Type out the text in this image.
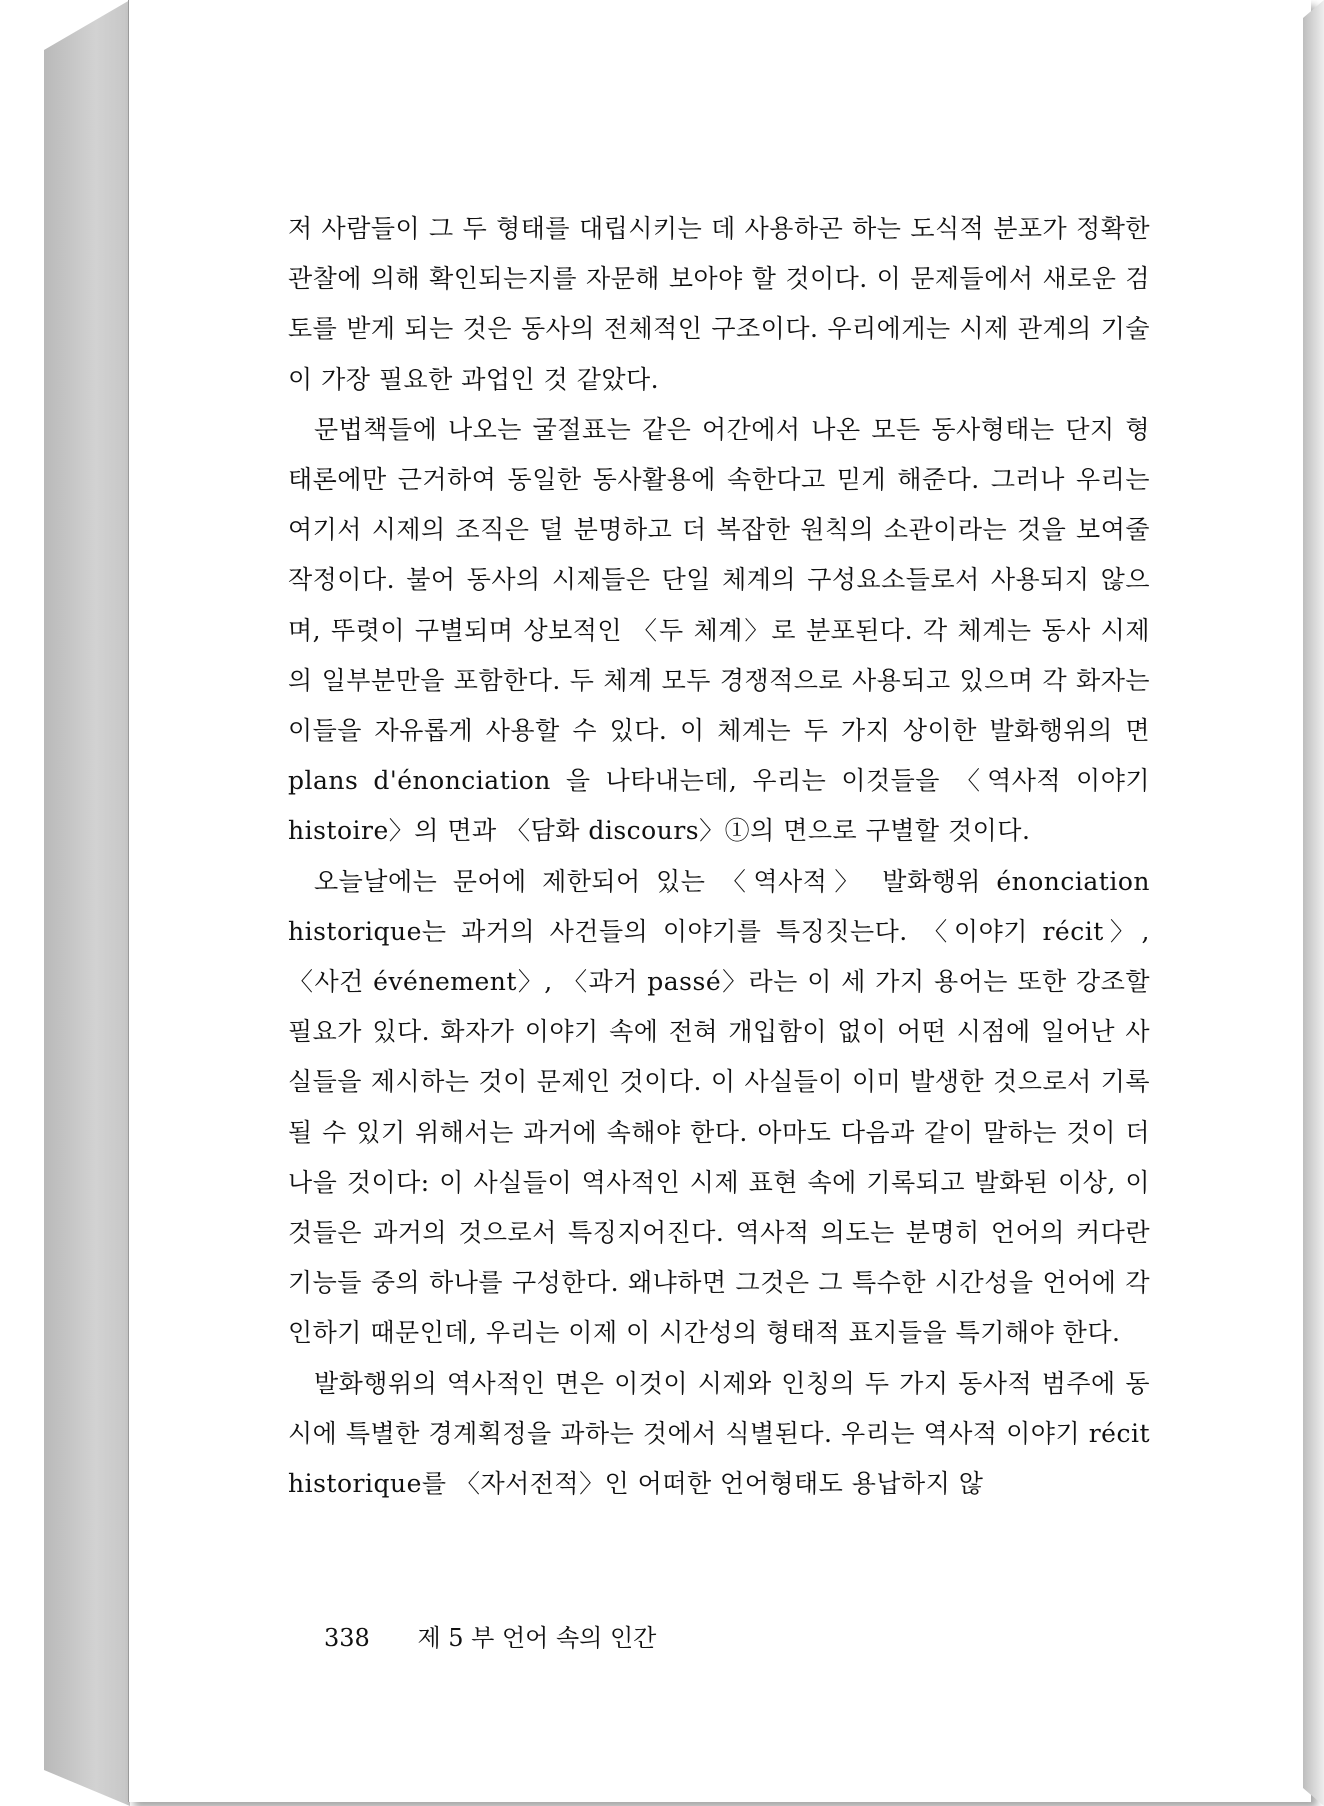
저 사람들이 그 두 형태를 대립시키는 데 사용하곤 하는 도식적 분포가 정확한 관찰에 의해 확인되는지를 자문해 보아야 할 것이다. 이 문제들에서 새로운 검토를 받게 되는 것은 동사의 전체적인 구조이다. 우리에게는 시제 관계의 기술이 가장 필요한 과업인 것 같았다.

문법책들에 나오는 굴절표는 같은 어간에서 나온 모든 동사형태는 단지 형태론에만 근거하여 동일한 동사활용에 속한다고 믿게 해준다. 그러나 우리는 여기서 시제의 조직은 덜 분명하고 더 복잡한 원칙의 소관이라는 것을 보여줄 작정이다. 불어 동사의 시제들은 단일 체계의 구성요소들로서 사용되지 않으며, 뚜렷이 구별되며 상보적인 〈두 체계〉로 분포된다. 각 체계는 동사 시제의 일부분만을 포함한다. 두 체계 모두 경쟁적으로 사용되고 있으며 각 화자는 이들을 자유롭게 사용할 수 있다. 이 체계는 두 가지 상이한 발화행위의 면 plans d'énonciation 을 나타내는데, 우리는 이것들을 〈역사적 이야기 histoire〉의 면과 〈담화 discours〉①의 면으로 구별할 것이다.

오늘날에는 문어에 제한되어 있는 〈역사적〉 발화행위 énonciation historique는 과거의 사건들의 이야기를 특징짓는다. 〈이야기 récit〉, 〈사건 événement〉, 〈과거 passé〉라는 이 세 가지 용어는 또한 강조할 필요가 있다. 화자가 이야기 속에 전혀 개입함이 없이 어떤 시점에 일어난 사실들을 제시하는 것이 문제인 것이다. 이 사실들이 이미 발생한 것으로서 기록될 수 있기 위해서는 과거에 속해야 한다. 아마도 다음과 같이 말하는 것이 더 나을 것이다: 이 사실들이 역사적인 시제 표현 속에 기록되고 발화된 이상, 이것들은 과거의 것으로서 특징지어진다. 역사적 의도는 분명히 언어의 커다란 기능들 중의 하나를 구성한다. 왜냐하면 그것은 그 특수한 시간성을 언어에 각인하기 때문인데, 우리는 이제 이 시간성의 형태적 표지들을 특기해야 한다.

발화행위의 역사적인 면은 이것이 시제와 인칭의 두 가지 동사적 범주에 동시에 특별한 경계획정을 과하는 것에서 식별된다. 우리는 역사적 이야기 récit historique를 〈자서전적〉인 어떠한 언어형태도 용납하지 않

338 제 5 부 언어 속의 인간
